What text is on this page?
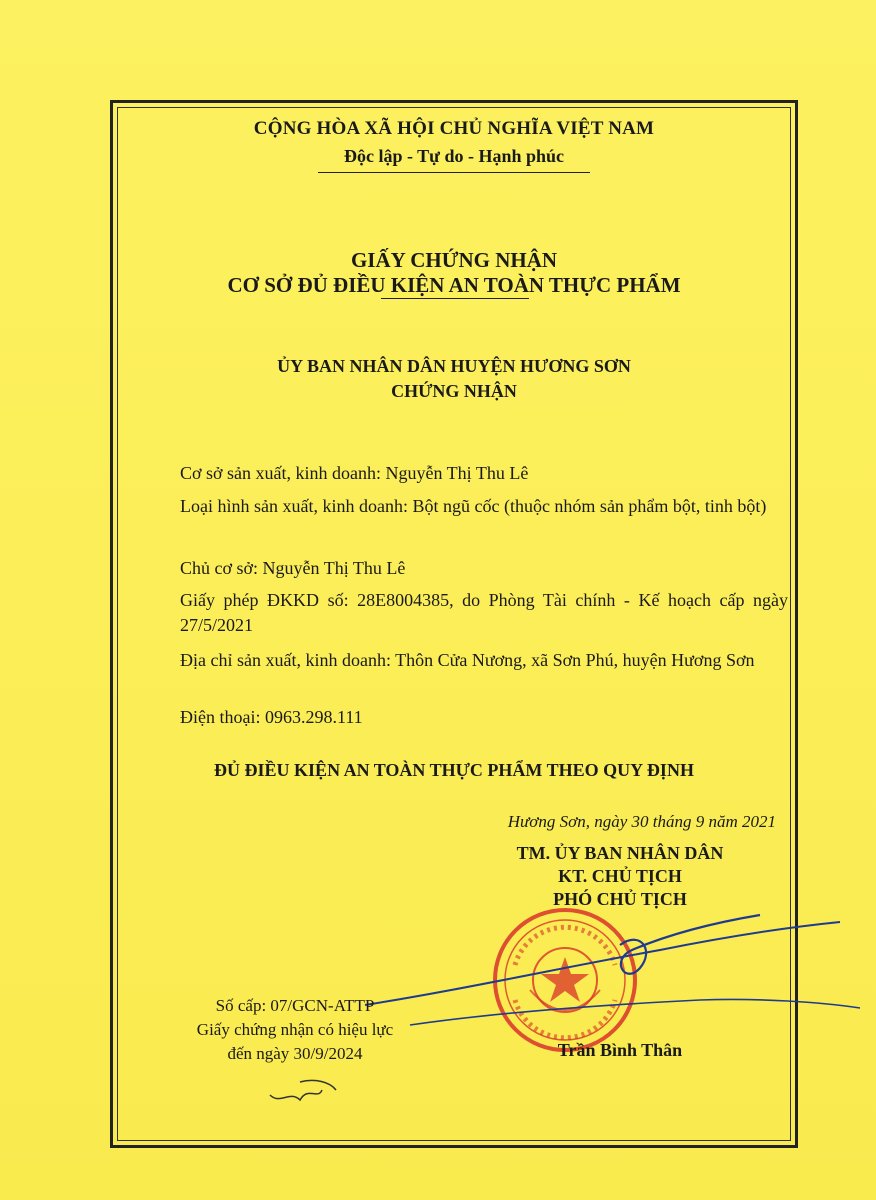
CỘNG HÒA XÃ HỘI CHỦ NGHĨA VIỆT NAM
Độc lập - Tự do - Hạnh phúc
GIẤY CHỨNG NHẬN
CƠ SỞ ĐỦ ĐIỀU KIỆN AN TOÀN THỰC PHẨM
ỦY BAN NHÂN DÂN HUYỆN HƯƠNG SƠN
CHỨNG NHẬN
Cơ sở sản xuất, kinh doanh: Nguyễn Thị Thu Lê
Loại hình sản xuất, kinh doanh: Bột ngũ cốc (thuộc nhóm sản phẩm bột, tinh bột)
Chủ cơ sở: Nguyễn Thị Thu Lê
Giấy phép ĐKKD số: 28E8004385, do Phòng Tài chính - Kế hoạch cấp ngày 27/5/2021
Địa chỉ sản xuất, kinh doanh: Thôn Cửa Nương, xã Sơn Phú, huyện Hương Sơn
Điện thoại: 0963.298.111
ĐỦ ĐIỀU KIỆN AN TOÀN THỰC PHẨM THEO QUY ĐỊNH
Hương Sơn, ngày 30 tháng 9 năm 2021
TM. ỦY BAN NHÂN DÂN
KT. CHỦ TỊCH
PHÓ CHỦ TỊCH
Trần Bình Thân
Số cấp: 07/GCN-ATTP
Giấy chứng nhận có hiệu lực
đến ngày 30/9/2024
